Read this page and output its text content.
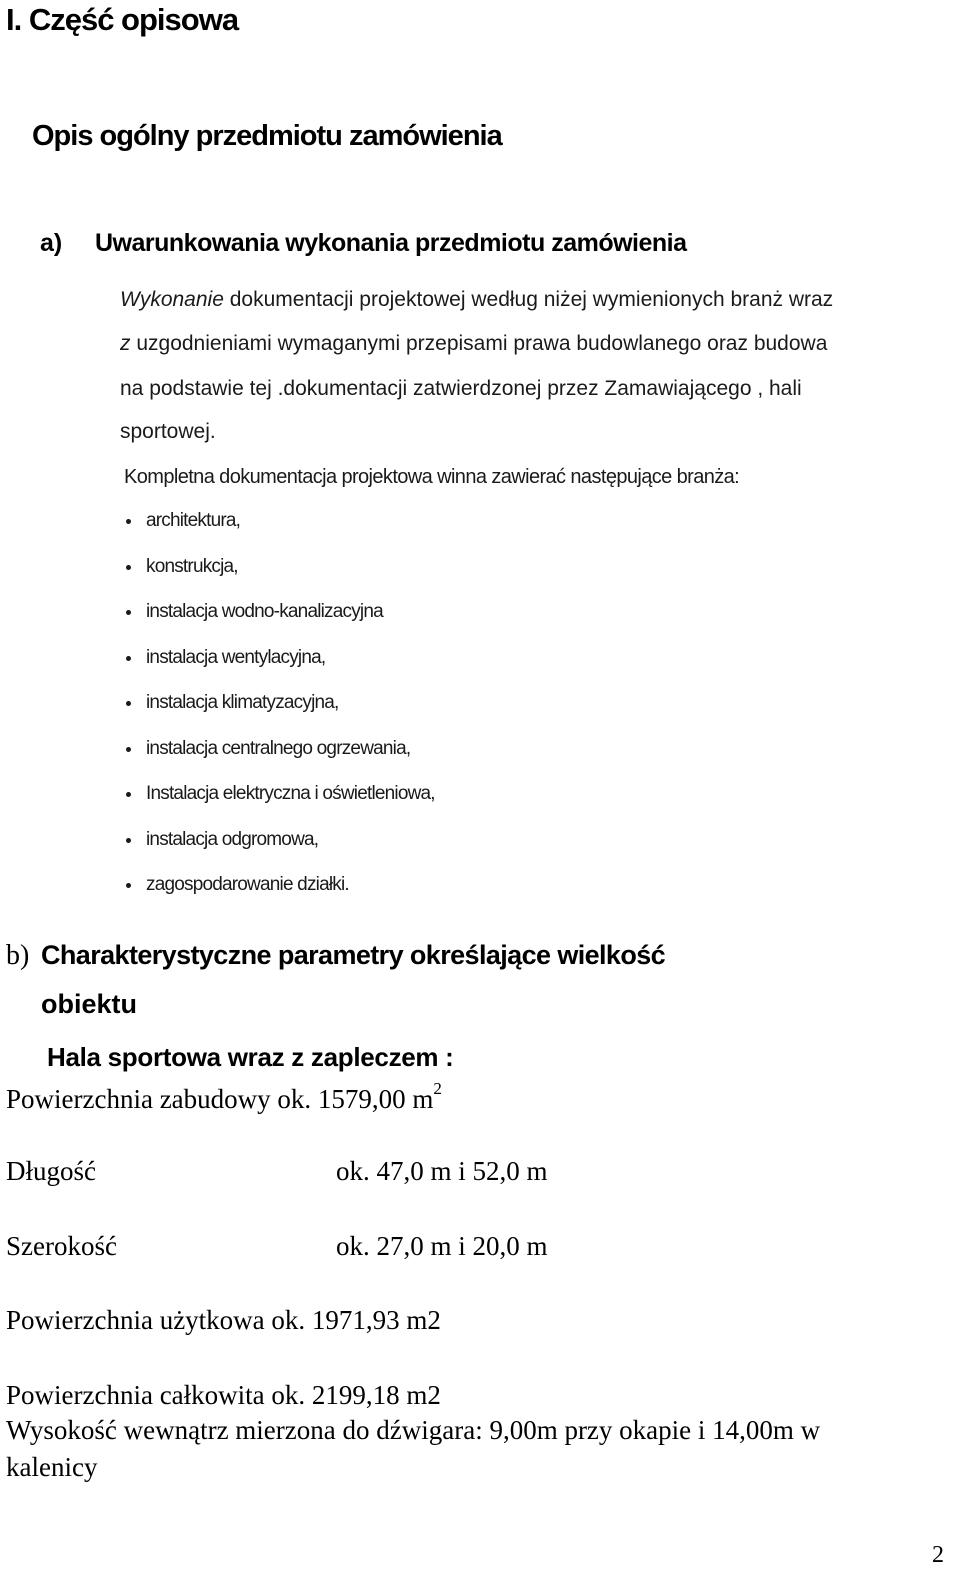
I. Część opisowa
Opis ogólny przedmiotu zamówienia
a) Uwarunkowania wykonania przedmiotu zamówienia
Wykonanie dokumentacji projektowej według niżej wymienionych branż wraz
z uzgodnieniami wymaganymi przepisami prawa budowlanego oraz budowa
na podstawie tej .dokumentacji zatwierdzonej przez Zamawiającego , hali
sportowej.
Kompletna dokumentacja projektowa winna zawierać następujące branża:
architektura,
konstrukcja,
instalacja wodno-kanalizacyjna
instalacja wentylacyjna,
instalacja klimatyzacyjna,
instalacja centralnego ogrzewania,
Instalacja elektryczna i oświetleniowa,
instalacja odgromowa,
zagospodarowanie działki.
b) Charakterystyczne parametry określające wielkość
obiektu
Hala sportowa wraz z zapleczem :
Powierzchnia zabudowy ok. 1579,00 $m^2$
Długość	ok. 47,0 m i 52,0 m
Szerokość	ok. 27,0 m i 20,0 m
Powierzchnia użytkowa ok. 1971,93 m2
Powierzchnia całkowita ok. 2199,18 m2
Wysokość wewnątrz mierzona do dźwigara: 9,00m przy okapie i 14,00m w
kalenicy
2
